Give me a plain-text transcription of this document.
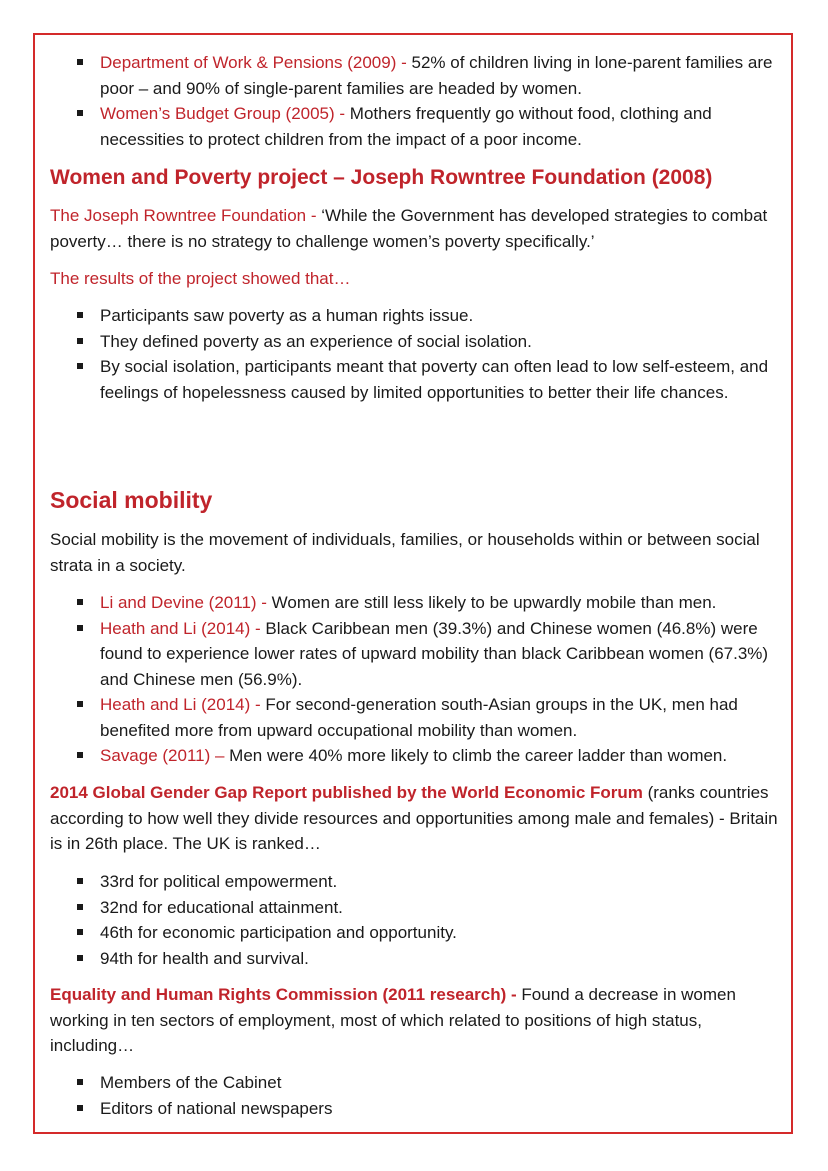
Department of Work & Pensions (2009) - 52% of children living in lone-parent families are poor – and 90% of single-parent families are headed by women.
Women’s Budget Group (2005) - Mothers frequently go without food, clothing and necessities to protect children from the impact of a poor income.
Women and Poverty project – Joseph Rowntree Foundation (2008)

The Joseph Rowntree Foundation - ‘While the Government has developed strategies to combat poverty… there is no strategy to challenge women’s poverty specifically.’

The results of the project showed that…

Participants saw poverty as a human rights issue.
They defined poverty as an experience of social isolation.
By social isolation, participants meant that poverty can often lead to low self-esteem, and feelings of hopelessness caused by limited opportunities to better their life chances.
Social mobility

Social mobility is the movement of individuals, families, or households within or between social strata in a society.

Li and Devine (2011) - Women are still less likely to be upwardly mobile than men.
Heath and Li (2014) - Black Caribbean men (39.3%) and Chinese women (46.8%) were found to experience lower rates of upward mobility than black Caribbean women (67.3%) and Chinese men (56.9%).
Heath and Li (2014) - For second-generation south-Asian groups in the UK, men had benefited more from upward occupational mobility than women.
Savage (2011) – Men were 40% more likely to climb the career ladder than women.

2014 Global Gender Gap Report published by the World Economic Forum (ranks countries according to how well they divide resources and opportunities among male and females) - Britain is in 26th place. The UK is ranked…

33rd for political empowerment.
32nd for educational attainment.
46th for economic participation and opportunity.
94th for health and survival.

Equality and Human Rights Commission (2011 research) - Found a decrease in women working in ten sectors of employment, most of which related to positions of high status, including…

Members of the Cabinet
Editors of national newspapers
